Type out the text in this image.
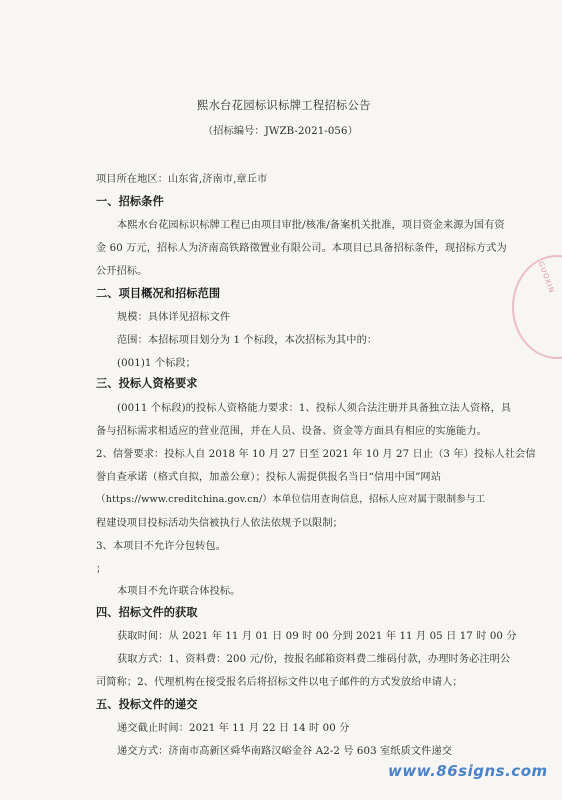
熙水台花园标识标牌工程招标公告
（招标编号：JWZB-2021-056）
项目所在地区：山东省,济南市,章丘市
一、招标条件
本熙水台花园标识标牌工程已由项目审批/核准/备案机关批准，项目资金来源为国有资
金 60 万元，招标人为济南高铁路徵置业有限公司。本项目已具备招标条件，现招标方式为
公开招标。
二、项目概况和招标范围
规模：具体详见招标文件
范围：本招标项目划分为 1 个标段，本次招标为其中的：
(001)1 个标段；
三、投标人资格要求
(0011 个标段)的投标人资格能力要求：1、投标人须合法注册并具备独立法人资格，具
备与招标需求相适应的营业范围，并在人员、设备、资金等方面具有相应的实施能力。
2、信誉要求：投标人自 2018 年 10 月 27 日至 2021 年 10 月 27 日止（3 年）投标人社会信
誉自查承诺（格式自拟，加盖公章）；投标人需提供报名当日“信用中国”网站
（https://www.creditchina.gov.cn/）本单位信用查询信息，招标人应对属于限制参与工
程建设项目投标活动失信被执行人依法依规予以限制；
3、本项目不允许分包转包。
；
本项目不允许联合体投标。
四、招标文件的获取
获取时间：从 2021 年 11 月 01 日 09 时 00 分到 2021 年 11 月 05 日 17 时 00 分
获取方式：1、资料费：200 元/份，按报名邮箱资料费二维码付款，办理时务必注明公
司简称；2、代理机构在接受报名后将招标文件以电子邮件的方式发放给申请人；
五、投标文件的递交
递交截止时间：2021 年 11 月 22 日 14 时 00 分
递交方式：济南市高新区舜华南路汉峪金谷 A2-2 号 603 室纸质文件递交
GUOXIN
www.86signs.com
